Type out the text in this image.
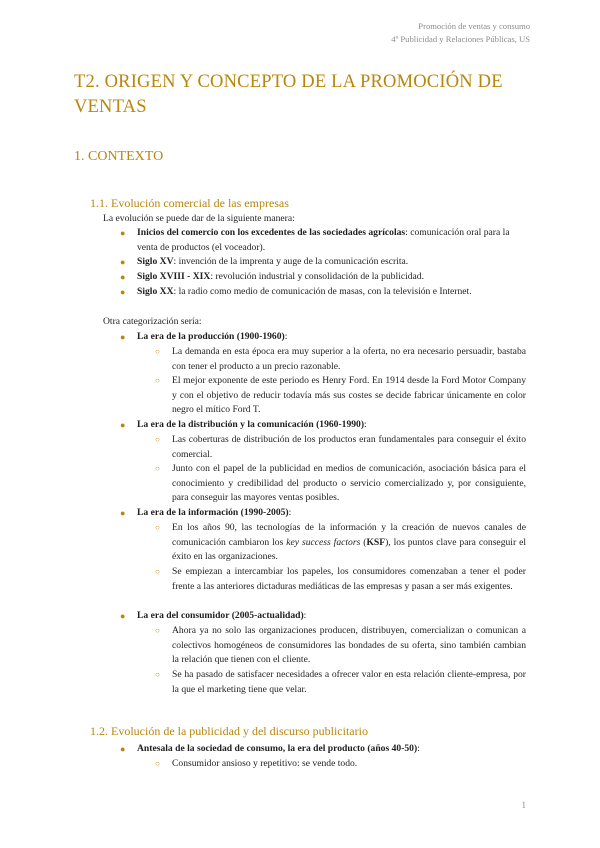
Promoción de ventas y consumo
4º Publicidad y Relaciones Públicas, US
T2. ORIGEN Y CONCEPTO DE LA PROMOCIÓN DE VENTAS
1. CONTEXTO
1.1. Evolución comercial de las empresas
La evolución se puede dar de la siguiente manera:
● Inicios del comercio con los excedentes de las sociedades agrícolas: comunicación oral para la venta de productos (el voceador).
● Siglo XV: invención de la imprenta y auge de la comunicación escrita.
● Siglo XVIII - XIX: revolución industrial y consolidación de la publicidad.
● Siglo XX: la radio como medio de comunicación de masas, con la televisión e Internet.
Otra categorización sería:
● La era de la producción (1900-1960):
○ La demanda en esta época era muy superior a la oferta, no era necesario persuadir, bastaba con tener el producto a un precio razonable.
○ El mejor exponente de este periodo es Henry Ford. En 1914 desde la Ford Motor Company y con el objetivo de reducir todavía más sus costes se decide fabricar únicamente en color negro el mítico Ford T.
● La era de la distribución y la comunicación (1960-1990):
○ Las coberturas de distribución de los productos eran fundamentales para conseguir el éxito comercial.
○ Junto con el papel de la publicidad en medios de comunicación, asociación básica para el conocimiento y credibilidad del producto o servicio comercializado y, por consiguiente, para conseguir las mayores ventas posibles.
● La era de la información (1990-2005):
○ En los años 90, las tecnologías de la información y la creación de nuevos canales de comunicación cambiaron los key success factors (KSF), los puntos clave para conseguir el éxito en las organizaciones.
○ Se empiezan a intercambiar los papeles, los consumidores comenzaban a tener el poder frente a las anteriores dictaduras mediáticas de las empresas y pasan a ser más exigentes.
● La era del consumidor (2005-actualidad):
○ Ahora ya no solo las organizaciones producen, distribuyen, comercializan o comunican a colectivos homogéneos de consumidores las bondades de su oferta, sino también cambian la relación que tienen con el cliente.
○ Se ha pasado de satisfacer necesidades a ofrecer valor en esta relación cliente-empresa, por la que el marketing tiene que velar.
1.2. Evolución de la publicidad y del discurso publicitario
● Antesala de la sociedad de consumo, la era del producto (años 40-50):
○ Consumidor ansioso y repetitivo: se vende todo.
1
